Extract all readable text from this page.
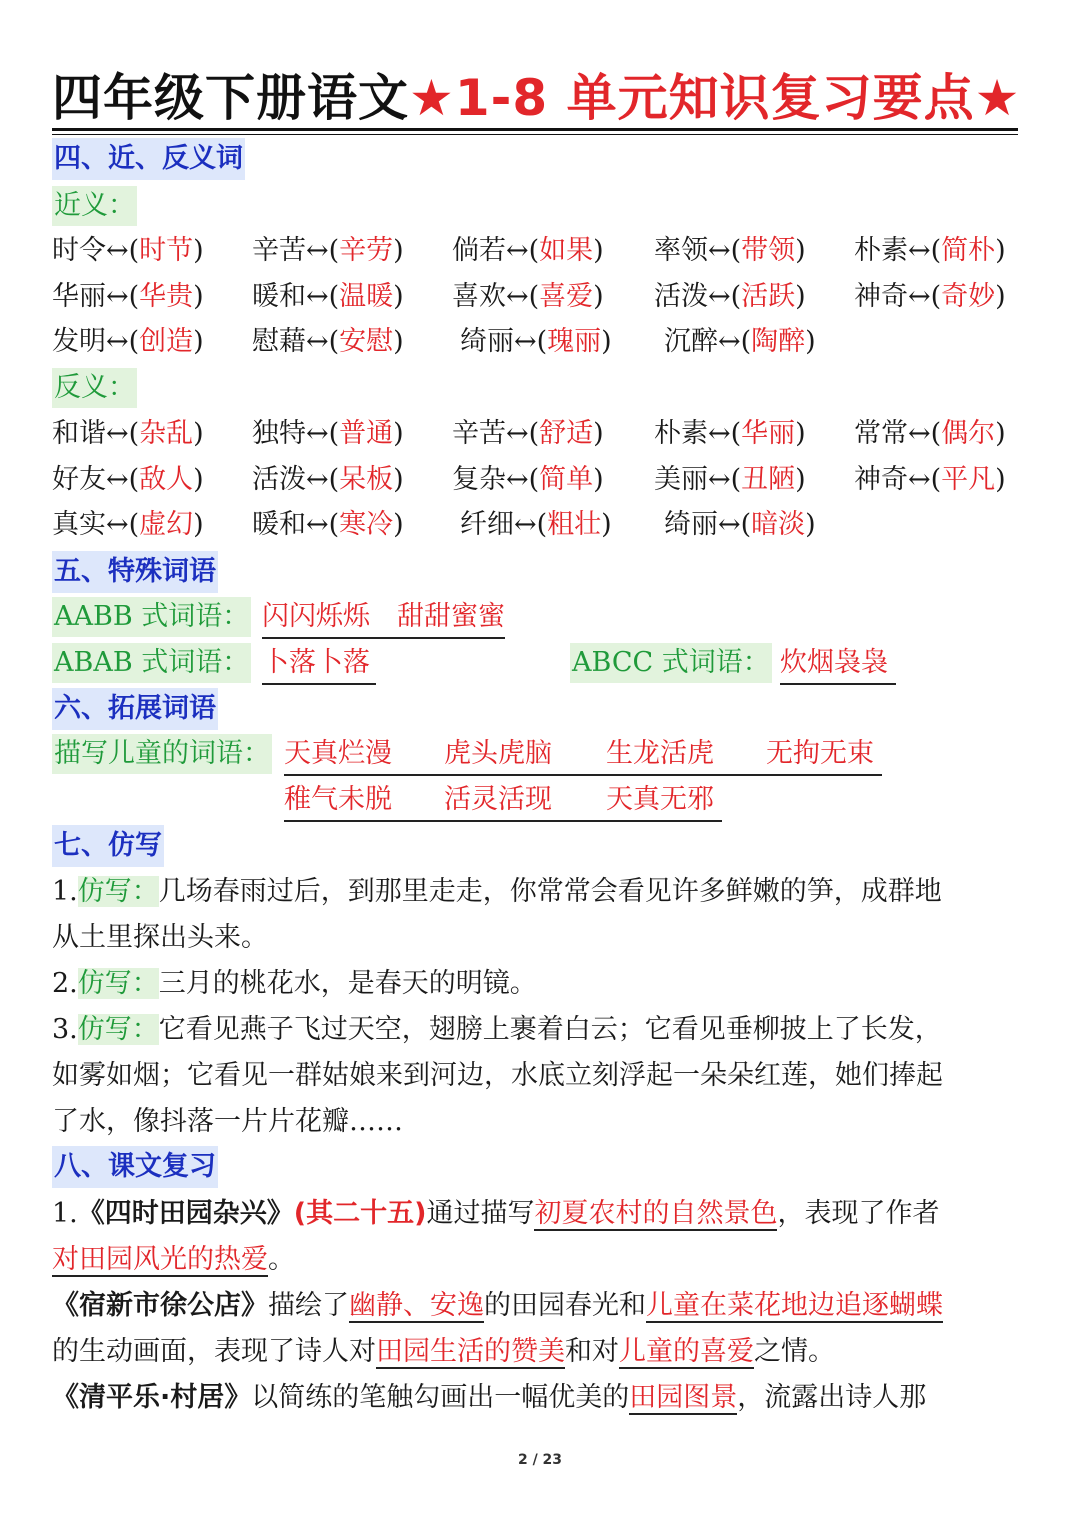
四年级下册语文★1-8 单元知识复习要点★
四、近、反义词
近义：
时令↔(时节) 辛苦↔(辛劳) 倘若↔(如果) 率领↔(带领) 朴素↔(简朴)
华丽↔(华贵) 暖和↔(温暖) 喜欢↔(喜爱) 活泼↔(活跃) 神奇↔(奇妙)
发明↔(创造) 慰藉↔(安慰) 绮丽↔(瑰丽) 沉醉↔(陶醉)
反义：
和谐↔(杂乱) 独特↔(普通) 辛苦↔(舒适) 朴素↔(华丽) 常常↔(偶尔)
好友↔(敌人) 活泼↔(呆板) 复杂↔(简单) 美丽↔(丑陋) 神奇↔(平凡)
真实↔(虚幻) 暖和↔(寒冷) 纤细↔(粗壮) 绮丽↔(暗淡)
五、特殊词语
AABB 式词语： 闪闪烁烁　甜甜蜜蜜
ABAB 式词语： 卜落卜落	ABCC 式词语： 炊烟袅袅
六、拓展词语
描写儿童的词语： 天真烂漫 虎头虎脑 生龙活虎 无拘无束
稚气未脱 活灵活现 天真无邪
七、仿写
1.仿写：几场春雨过后，到那里走走，你常常会看见许多鲜嫩的笋，成群地
从土里探出头来。
2.仿写：三月的桃花水，是春天的明镜。
3.仿写：它看见燕子飞过天空，翅膀上裹着白云；它看见垂柳披上了长发，
如雾如烟；它看见一群姑娘来到河边，水底立刻浮起一朵朵红莲，她们捧起
了水，像抖落一片片花瓣……
八、课文复习
1.《四时田园杂兴》(其二十五)通过描写初夏农村的自然景色，表现了作者
对田园风光的热爱。
《宿新市徐公店》描绘了幽静、安逸的田园春光和儿童在菜花地边追逐蝴蝶
的生动画面，表现了诗人对田园生活的赞美和对儿童的喜爱之情。
《清平乐·村居》以简练的笔触勾画出一幅优美的田园图景，流露出诗人那
2 / 23
